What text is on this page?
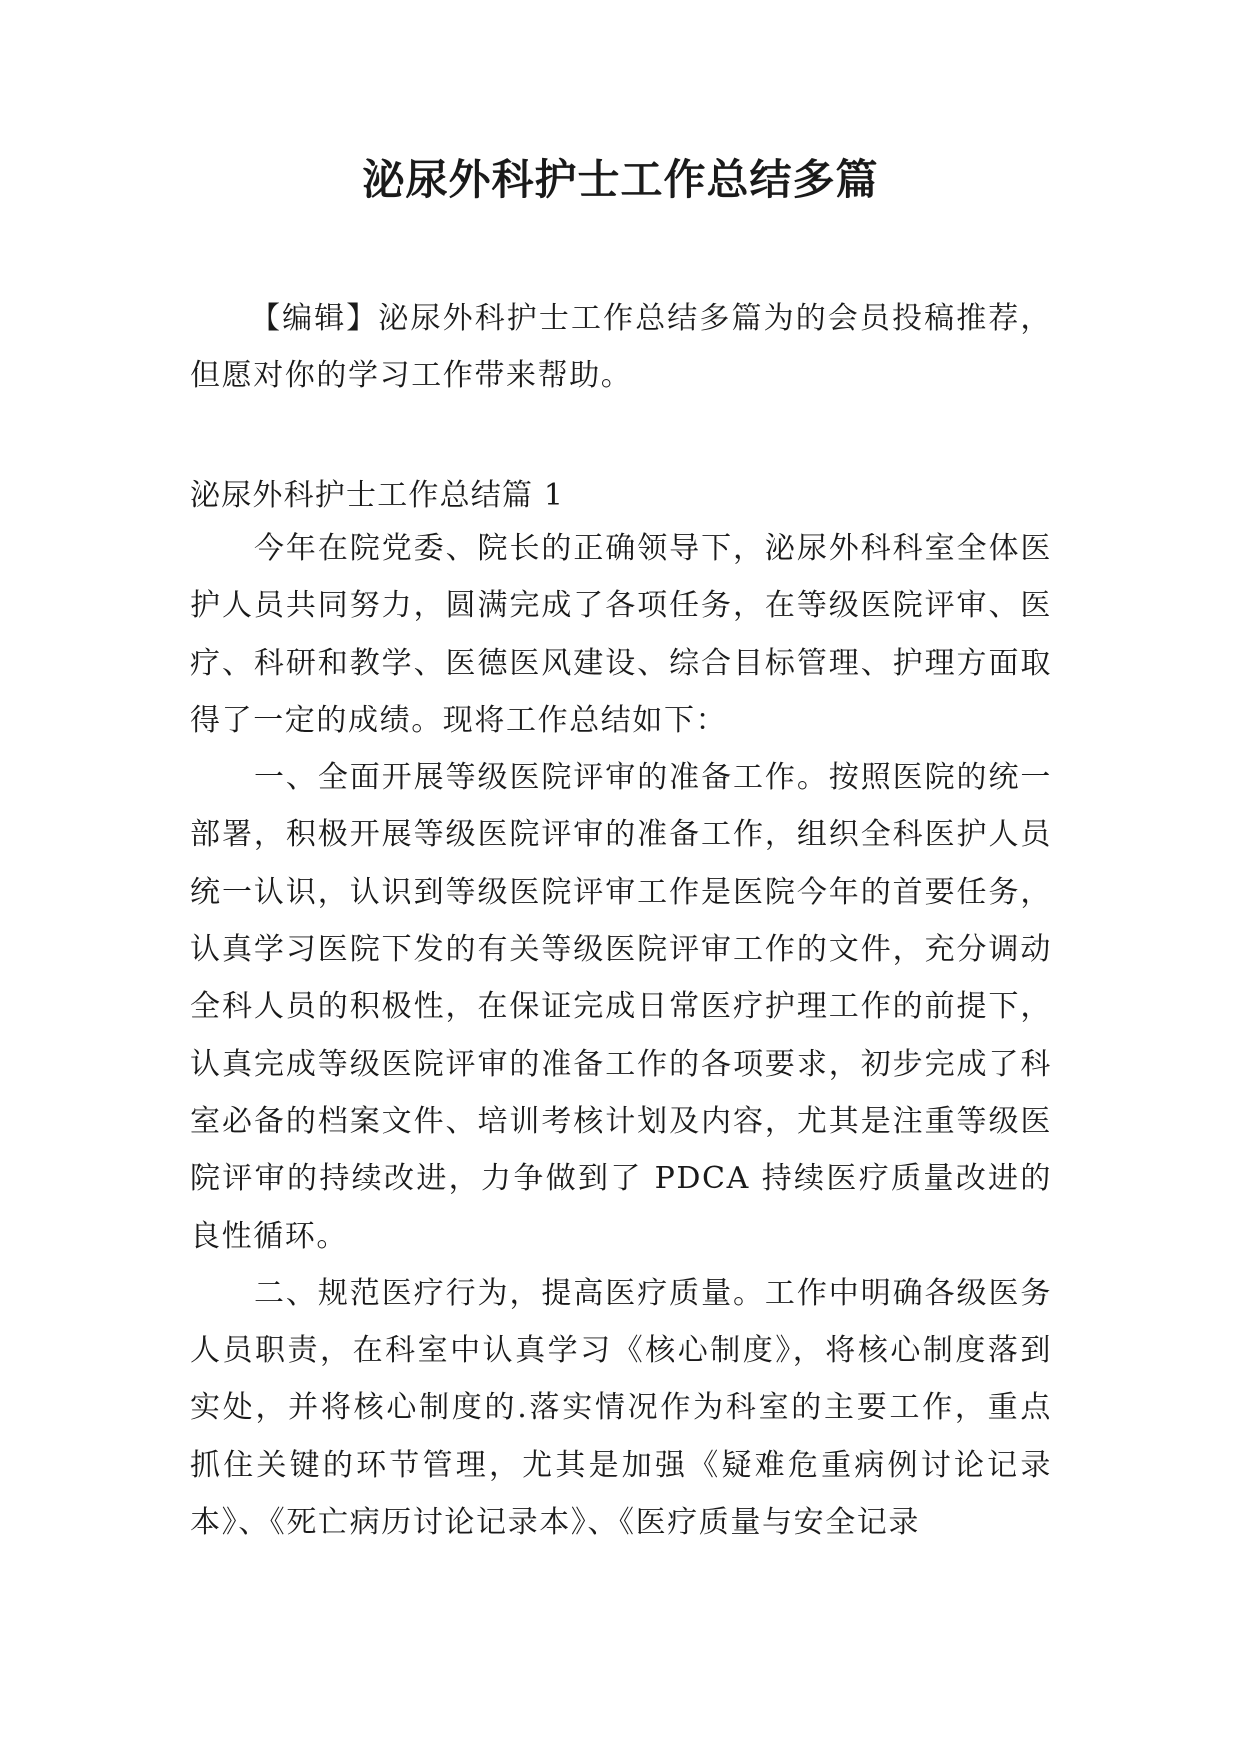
泌尿外科护士工作总结多篇

【编辑】泌尿外科护士工作总结多篇为的会员投稿推荐，但愿对你的学习工作带来帮助。

泌尿外科护士工作总结篇 1

今年在院党委、院长的正确领导下，泌尿外科科室全体医护人员共同努力，圆满完成了各项任务，在等级医院评审、医疗、科研和教学、医德医风建设、综合目标管理、护理方面取得了一定的成绩。现将工作总结如下：

一、全面开展等级医院评审的准备工作。按照医院的统一部署，积极开展等级医院评审的准备工作，组织全科医护人员统一认识，认识到等级医院评审工作是医院今年的首要任务，认真学习医院下发的有关等级医院评审工作的文件，充分调动全科人员的积极性，在保证完成日常医疗护理工作的前提下，认真完成等级医院评审的准备工作的各项要求，初步完成了科室必备的档案文件、培训考核计划及内容，尤其是注重等级医院评审的持续改进，力争做到了 PDCA 持续医疗质量改进的良性循环。

二、规范医疗行为，提高医疗质量。工作中明确各级医务人员职责，在科室中认真学习《核心制度》，将核心制度落到实处，并将核心制度的.落实情况作为科室的主要工作，重点抓住关键的环节管理，尤其是加强《疑难危重病例讨论记录本》、《死亡病历讨论记录本》、《医疗质量与安全记录
